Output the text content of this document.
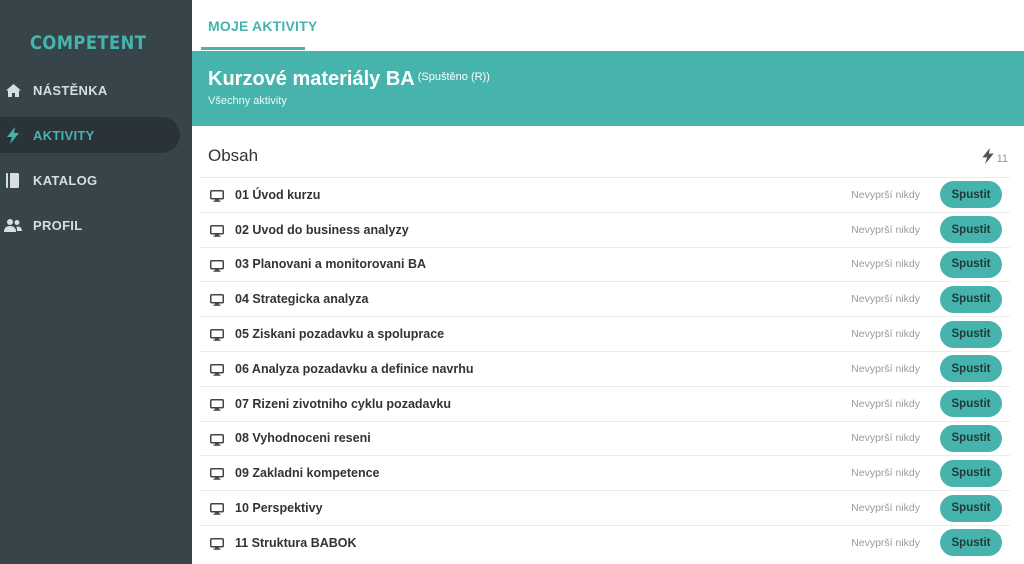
COMPETENT
NÁSTĚNKA
AKTIVITY
KATALOG
PROFIL
MOJE AKTIVITY
Kurzové materiály BA $^{(Spuštěno (R))}$
Všechny aktivity
Obsah	11
01 Úvod kurzu	Nevyprší nikdy	Spustit
02 Uvod do business analyzy	Nevyprší nikdy	Spustit
03 Planovani a monitorovani BA	Nevyprší nikdy	Spustit
04 Strategicka analyza	Nevyprší nikdy	Spustit
05 Ziskani pozadavku a spoluprace	Nevyprší nikdy	Spustit
06 Analyza pozadavku a definice navrhu	Nevyprší nikdy	Spustit
07 Rizeni zivotniho cyklu pozadavku	Nevyprší nikdy	Spustit
08 Vyhodnoceni reseni	Nevyprší nikdy	Spustit
09 Zakladni kompetence	Nevyprší nikdy	Spustit
10 Perspektivy	Nevyprší nikdy	Spustit
11 Struktura BABOK	Nevyprší nikdy	Spustit
